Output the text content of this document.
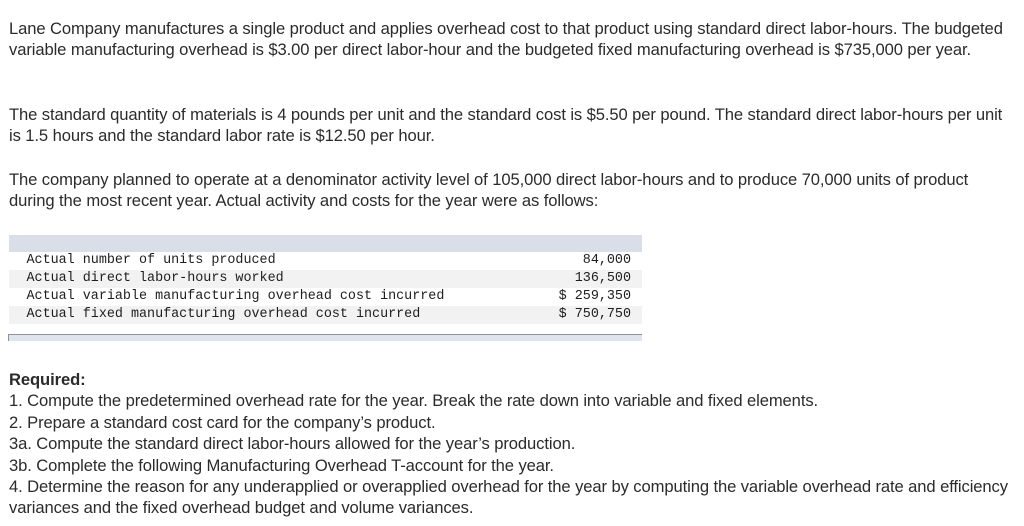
Lane Company manufactures a single product and applies overhead cost to that product using standard direct labor-hours. The budgeted variable manufacturing overhead is $3.00 per direct labor-hour and the budgeted fixed manufacturing overhead is $735,000 per year.

The standard quantity of materials is 4 pounds per unit and the standard cost is $5.50 per pound. The standard direct labor-hours per unit is 1.5 hours and the standard labor rate is $12.50 per hour.

The company planned to operate at a denominator activity level of 105,000 direct labor-hours and to produce 70,000 units of product during the most recent year. Actual activity and costs for the year were as follows:

Actual number of units produced	84,000
Actual direct labor-hours worked	136,500
Actual variable manufacturing overhead cost incurred	$ 259,350
Actual fixed manufacturing overhead cost incurred	$ 750,750

Required:
1. Compute the predetermined overhead rate for the year. Break the rate down into variable and fixed elements.
2. Prepare a standard cost card for the company’s product.
3a. Compute the standard direct labor-hours allowed for the year’s production.
3b. Complete the following Manufacturing Overhead T-account for the year.
4. Determine the reason for any underapplied or overapplied overhead for the year by computing the variable overhead rate and efficiency variances and the fixed overhead budget and volume variances.
